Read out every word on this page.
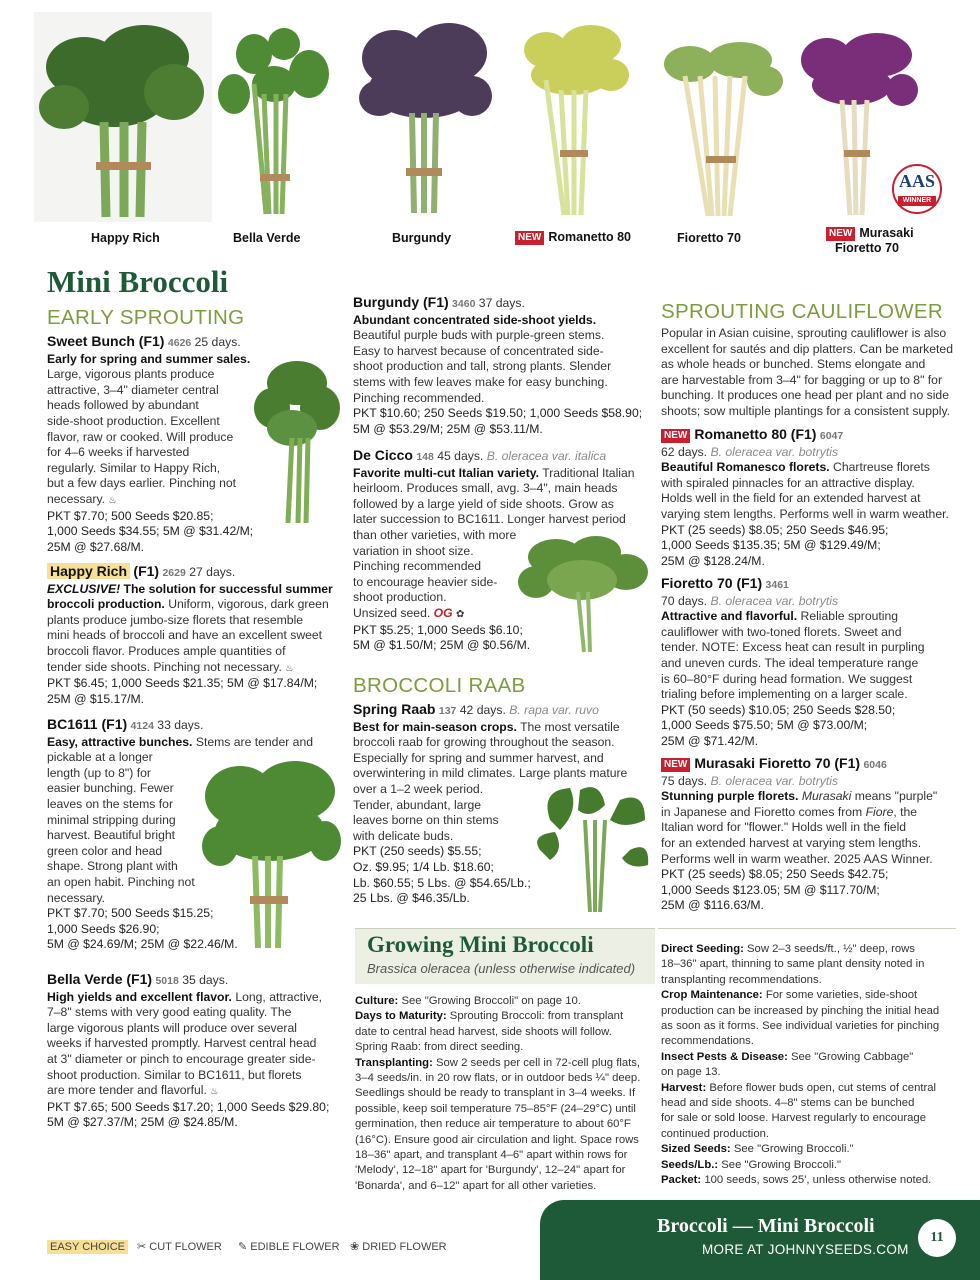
AAS
WINNER
Happy Rich	Bella Verde	Burgundy	NEW Romanetto 80	Fioretto 70	NEW Murasaki
Fioretto 70
Mini Broccoli
EARLY SPROUTING
Sweet Bunch (F1) 4626 25 days.
Early for spring and summer sales.
Large, vigorous plants produce
attractive, 3–4" diameter central
heads followed by abundant
side-shoot production. Excellent
flavor, raw or cooked. Will produce
for 4–6 weeks if harvested
regularly. Similar to Happy Rich,
but a few days earlier. Pinching not
necessary. ♨
PKT $7.70; 500 Seeds $20.85;
1,000 Seeds $34.55; 5M @ $31.42/M;
25M @ $27.68/M.
Happy Rich (F1) 2629 27 days.
EXCLUSIVE! The solution for successful summer
broccoli production. Uniform, vigorous, dark green
plants produce jumbo-size florets that resemble
mini heads of broccoli and have an excellent sweet
broccoli flavor. Produces ample quantities of
tender side shoots. Pinching not necessary. ♨
PKT $6.45; 1,000 Seeds $21.35; 5M @ $17.84/M;
25M @ $15.17/M.
BC1611 (F1) 4124 33 days.
Easy, attractive bunches. Stems are tender and
pickable at a longer
length (up to 8") for
easier bunching. Fewer
leaves on the stems for
minimal stripping during
harvest. Beautiful bright
green color and head
shape. Strong plant with
an open habit. Pinching not
necessary.
PKT $7.70; 500 Seeds $15.25;
1,000 Seeds $26.90;
5M @ $24.69/M; 25M @ $22.46/M.
Bella Verde (F1) 5018 35 days.
High yields and excellent flavor. Long, attractive,
7–8" stems with very good eating quality. The
large vigorous plants will produce over several
weeks if harvested promptly. Harvest central head
at 3" diameter or pinch to encourage greater side-
shoot production. Similar to BC1611, but florets
are more tender and flavorful. ♨
PKT $7.65; 500 Seeds $17.20; 1,000 Seeds $29.80;
5M @ $27.37/M; 25M @ $24.85/M.
Burgundy (F1) 3460 37 days.
Abundant concentrated side-shoot yields.
Beautiful purple buds with purple-green stems.
Easy to harvest because of concentrated side-
shoot production and tall, strong plants. Slender
stems with few leaves make for easy bunching.
Pinching recommended.
PKT $10.60; 250 Seeds $19.50; 1,000 Seeds $58.90;
5M @ $53.29/M; 25M @ $53.11/M.
De Cicco 148 45 days. B. oleracea var. italica
Favorite multi-cut Italian variety. Traditional Italian
heirloom. Produces small, avg. 3–4", main heads
followed by a large yield of side shoots. Grow as
later succession to BC1611. Longer harvest period
than other varieties, with more
variation in shoot size.
Pinching recommended
to encourage heavier side-
shoot production.
Unsized seed. OG ✿
PKT $5.25; 1,000 Seeds $6.10;
5M @ $1.50/M; 25M @ $0.56/M.
BROCCOLI RAAB
Spring Raab 137 42 days. B. rapa var. ruvo
Best for main-season crops. The most versatile
broccoli raab for growing throughout the season.
Especially for spring and summer harvest, and
overwintering in mild climates. Large plants mature
over a 1–2 week period.
Tender, abundant, large
leaves borne on thin stems
with delicate buds.
PKT (250 seeds) $5.55;
Oz. $9.95; 1/4 Lb. $18.60;
Lb. $60.55; 5 Lbs. @ $54.65/Lb.;
25 Lbs. @ $46.35/Lb.
SPROUTING CAULIFLOWER
Popular in Asian cuisine, sprouting cauliflower is also
excellent for sautés and dip platters. Can be marketed
as whole heads or bunched. Stems elongate and
are harvestable from 3–4" for bagging or up to 8" for
bunching. It produces one head per plant and no side
shoots; sow multiple plantings for a consistent supply.
NEW Romanetto 80 (F1) 6047
62 days. B. oleracea var. botrytis
Beautiful Romanesco florets. Chartreuse florets
with spiraled pinnacles for an attractive display.
Holds well in the field for an extended harvest at
varying stem lengths. Performs well in warm weather.
PKT (25 seeds) $8.05; 250 Seeds $46.95;
1,000 Seeds $135.35; 5M @ $129.49/M;
25M @ $128.24/M.
Fioretto 70 (F1) 3461
70 days. B. oleracea var. botrytis
Attractive and flavorful. Reliable sprouting
cauliflower with two-toned florets. Sweet and
tender. NOTE: Excess heat can result in purpling
and uneven curds. The ideal temperature range
is 60–80°F during head formation. We suggest
trialing before implementing on a larger scale.
PKT (50 seeds) $10.05; 250 Seeds $28.50;
1,000 Seeds $75.50; 5M @ $73.00/M;
25M @ $71.42/M.
NEW Murasaki Fioretto 70 (F1) 6046
75 days. B. oleracea var. botrytis
Stunning purple florets. Murasaki means "purple"
in Japanese and Fioretto comes from Fiore, the
Italian word for "flower." Holds well in the field
for an extended harvest at varying stem lengths.
Performs well in warm weather. 2025 AAS Winner.
PKT (25 seeds) $8.05; 250 Seeds $42.75;
1,000 Seeds $123.05; 5M @ $117.70/M;
25M @ $116.63/M.
Growing Mini Broccoli
Brassica oleracea (unless otherwise indicated)
Culture: See "Growing Broccoli" on page 10.
Days to Maturity: Sprouting Broccoli: from transplant
date to central head harvest, side shoots will follow.
Spring Raab: from direct seeding.
Transplanting: Sow 2 seeds per cell in 72-cell plug flats,
3–4 seeds/in. in 20 row flats, or in outdoor beds ¼" deep.
Seedlings should be ready to transplant in 3–4 weeks. If
possible, keep soil temperature 75–85°F (24–29°C) until
germination, then reduce air temperature to about 60°F
(16°C). Ensure good air circulation and light. Space rows
18–36" apart, and transplant 4–6" apart within rows for
'Melody', 12–18" apart for 'Burgundy', 12–24" apart for
'Bonarda', and 6–12" apart for all other varieties.
Direct Seeding: Sow 2–3 seeds/ft., ½" deep, rows
18–36" apart, thinning to same plant density noted in
transplanting recommendations.
Crop Maintenance: For some varieties, side-shoot
production can be increased by pinching the initial head
as soon as it forms. See individual varieties for pinching
recommendations.
Insect Pests & Disease: See "Growing Cabbage"
on page 13.
Harvest: Before flower buds open, cut stems of central
head and side shoots. 4–8" stems can be bunched
for sale or sold loose. Harvest regularly to encourage
continued production.
Sized Seeds: See "Growing Broccoli."
Seeds/Lb.: See "Growing Broccoli."
Packet: 100 seeds, sows 25', unless otherwise noted.
EASY CHOICE ✂ CUT FLOWER ✎ EDIBLE FLOWER ❀ DRIED FLOWER
Broccoli — Mini Broccoli
MORE AT JOHNNYSEEDS.COM
11
